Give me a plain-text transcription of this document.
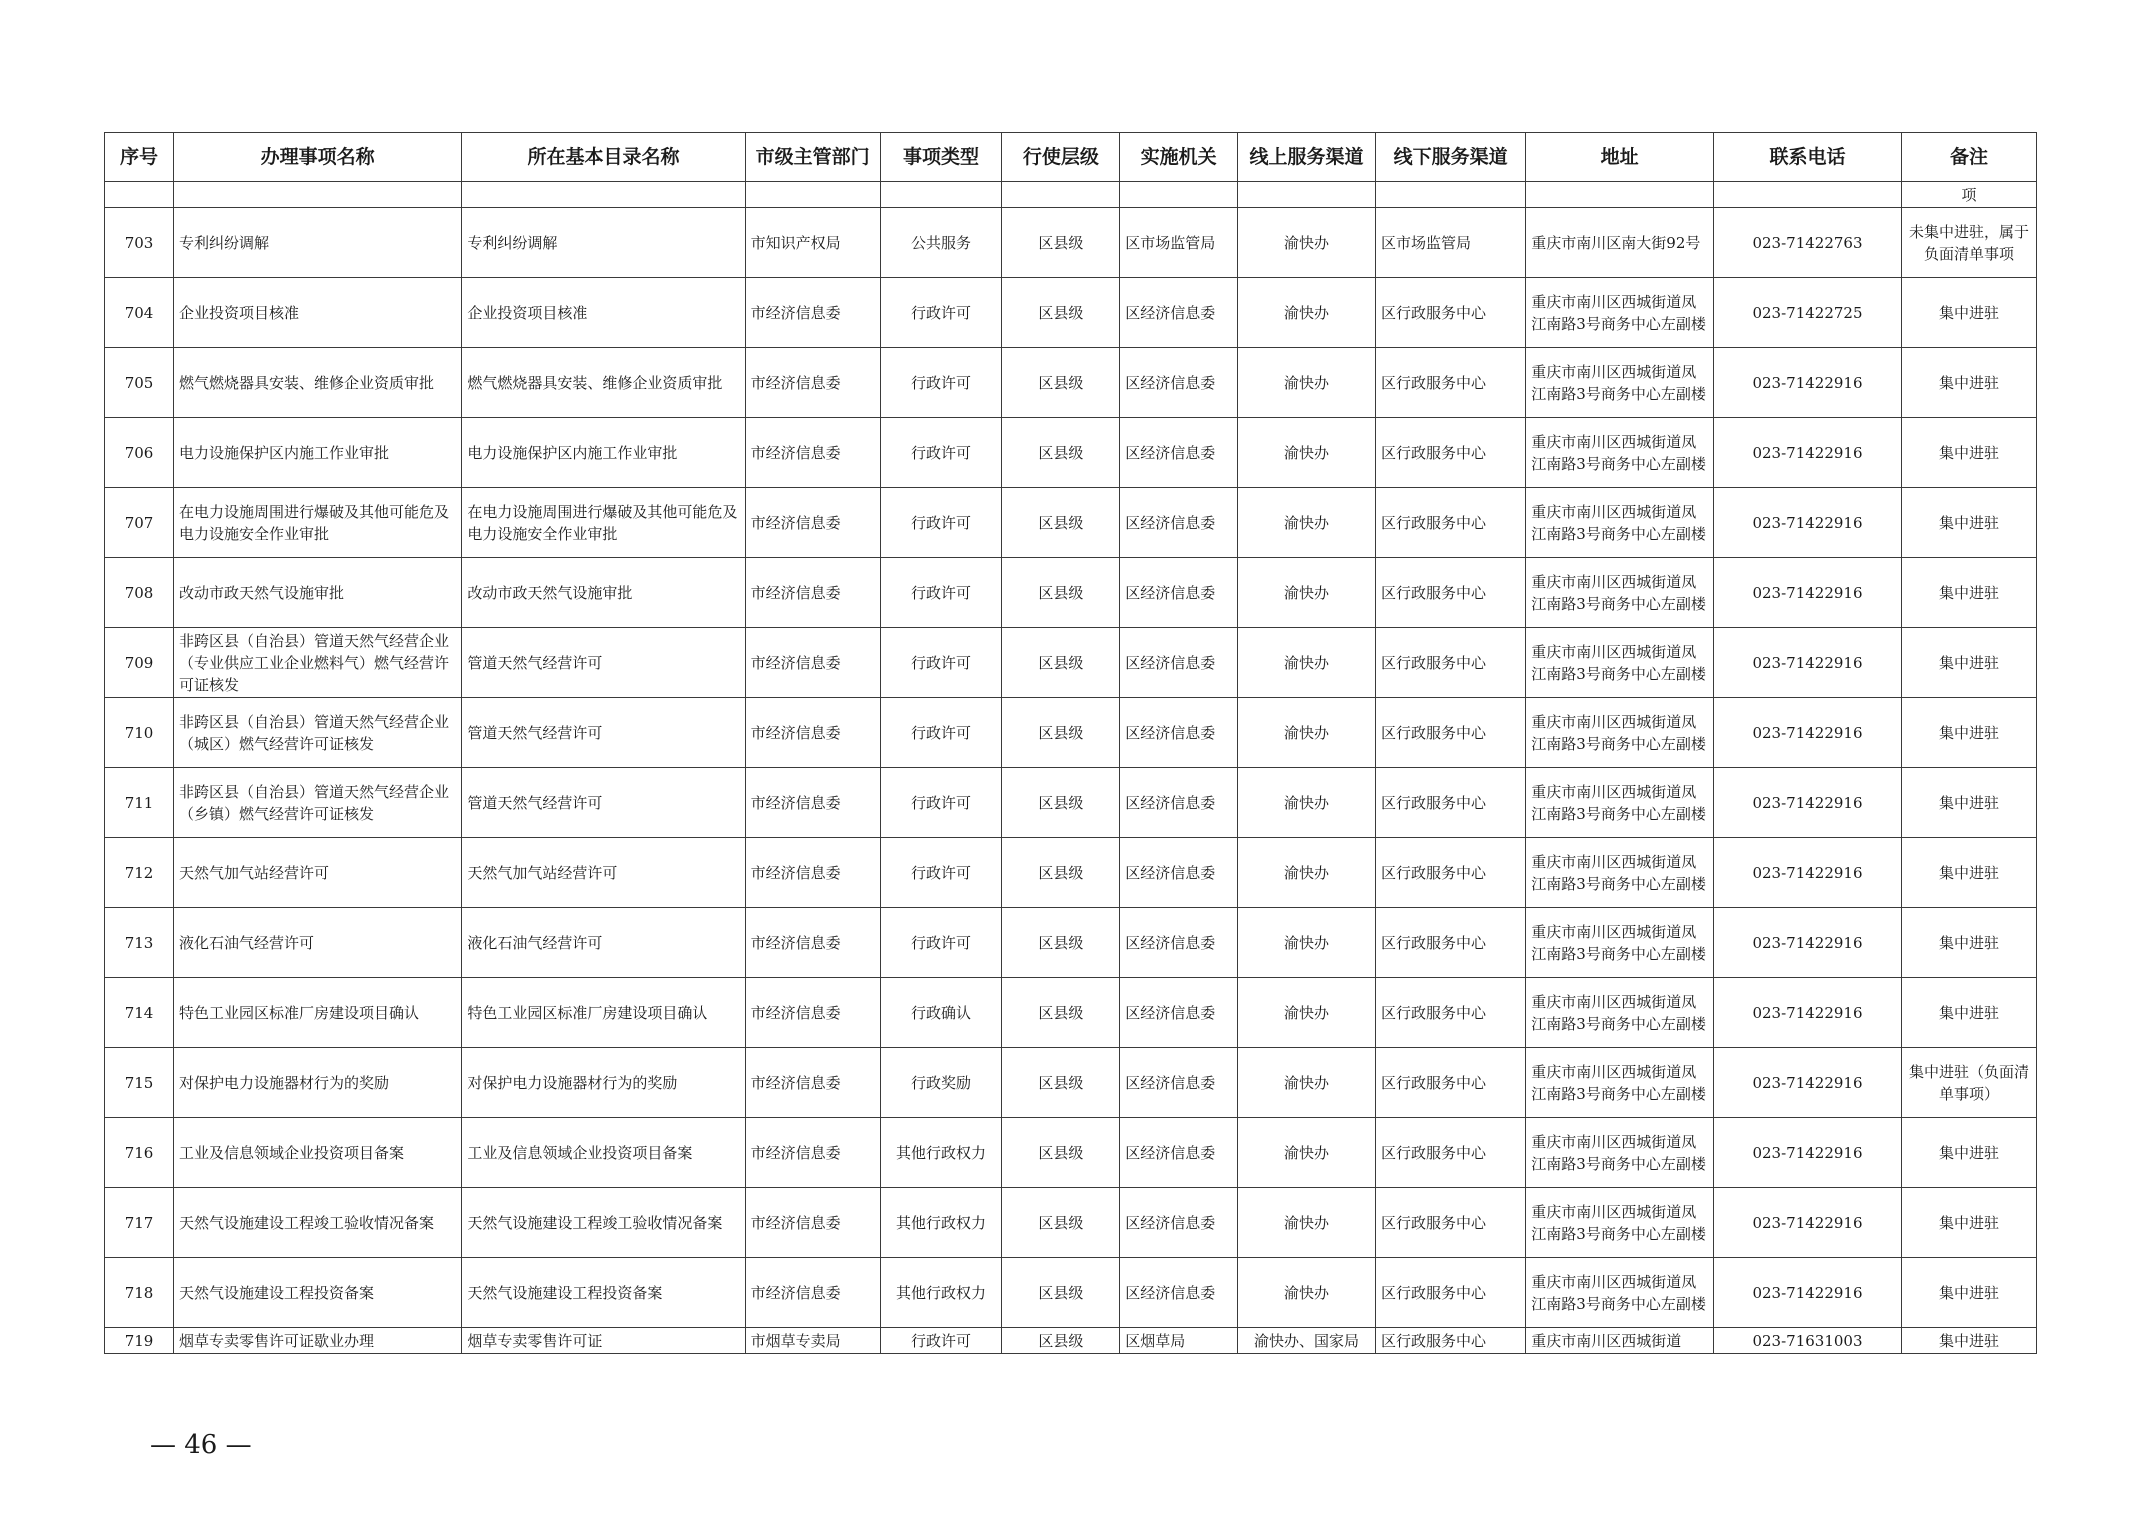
序号	办理事项名称	所在基本目录名称	市级主管部门	事项类型	行使层级	实施机关	线上服务渠道	线下服务渠道	地址	联系电话	备注
											项
703	专利纠纷调解	专利纠纷调解	市知识产权局	公共服务	区县级	区市场监管局	渝快办	区市场监管局	重庆市南川区南大街92号	023-71422763	未集中进驻，属于负面清单事项
704	企业投资项目核准	企业投资项目核准	市经济信息委	行政许可	区县级	区经济信息委	渝快办	区行政服务中心	重庆市南川区西城街道凤江南路3号商务中心左副楼	023-71422725	集中进驻
705	燃气燃烧器具安装、维修企业资质审批	燃气燃烧器具安装、维修企业资质审批	市经济信息委	行政许可	区县级	区经济信息委	渝快办	区行政服务中心	重庆市南川区西城街道凤江南路3号商务中心左副楼	023-71422916	集中进驻
706	电力设施保护区内施工作业审批	电力设施保护区内施工作业审批	市经济信息委	行政许可	区县级	区经济信息委	渝快办	区行政服务中心	重庆市南川区西城街道凤江南路3号商务中心左副楼	023-71422916	集中进驻
707	在电力设施周围进行爆破及其他可能危及电力设施安全作业审批	在电力设施周围进行爆破及其他可能危及电力设施安全作业审批	市经济信息委	行政许可	区县级	区经济信息委	渝快办	区行政服务中心	重庆市南川区西城街道凤江南路3号商务中心左副楼	023-71422916	集中进驻
708	改动市政天然气设施审批	改动市政天然气设施审批	市经济信息委	行政许可	区县级	区经济信息委	渝快办	区行政服务中心	重庆市南川区西城街道凤江南路3号商务中心左副楼	023-71422916	集中进驻
709	非跨区县（自治县）管道天然气经营企业（专业供应工业企业燃料气）燃气经营许可证核发	管道天然气经营许可	市经济信息委	行政许可	区县级	区经济信息委	渝快办	区行政服务中心	重庆市南川区西城街道凤江南路3号商务中心左副楼	023-71422916	集中进驻
710	非跨区县（自治县）管道天然气经营企业（城区）燃气经营许可证核发	管道天然气经营许可	市经济信息委	行政许可	区县级	区经济信息委	渝快办	区行政服务中心	重庆市南川区西城街道凤江南路3号商务中心左副楼	023-71422916	集中进驻
711	非跨区县（自治县）管道天然气经营企业（乡镇）燃气经营许可证核发	管道天然气经营许可	市经济信息委	行政许可	区县级	区经济信息委	渝快办	区行政服务中心	重庆市南川区西城街道凤江南路3号商务中心左副楼	023-71422916	集中进驻
712	天然气加气站经营许可	天然气加气站经营许可	市经济信息委	行政许可	区县级	区经济信息委	渝快办	区行政服务中心	重庆市南川区西城街道凤江南路3号商务中心左副楼	023-71422916	集中进驻
713	液化石油气经营许可	液化石油气经营许可	市经济信息委	行政许可	区县级	区经济信息委	渝快办	区行政服务中心	重庆市南川区西城街道凤江南路3号商务中心左副楼	023-71422916	集中进驻
714	特色工业园区标准厂房建设项目确认	特色工业园区标准厂房建设项目确认	市经济信息委	行政确认	区县级	区经济信息委	渝快办	区行政服务中心	重庆市南川区西城街道凤江南路3号商务中心左副楼	023-71422916	集中进驻
715	对保护电力设施器材行为的奖励	对保护电力设施器材行为的奖励	市经济信息委	行政奖励	区县级	区经济信息委	渝快办	区行政服务中心	重庆市南川区西城街道凤江南路3号商务中心左副楼	023-71422916	集中进驻（负面清单事项）
716	工业及信息领域企业投资项目备案	工业及信息领域企业投资项目备案	市经济信息委	其他行政权力	区县级	区经济信息委	渝快办	区行政服务中心	重庆市南川区西城街道凤江南路3号商务中心左副楼	023-71422916	集中进驻
717	天然气设施建设工程竣工验收情况备案	天然气设施建设工程竣工验收情况备案	市经济信息委	其他行政权力	区县级	区经济信息委	渝快办	区行政服务中心	重庆市南川区西城街道凤江南路3号商务中心左副楼	023-71422916	集中进驻
718	天然气设施建设工程投资备案	天然气设施建设工程投资备案	市经济信息委	其他行政权力	区县级	区经济信息委	渝快办	区行政服务中心	重庆市南川区西城街道凤江南路3号商务中心左副楼	023-71422916	集中进驻
719	烟草专卖零售许可证歇业办理	烟草专卖零售许可证	市烟草专卖局	行政许可	区县级	区烟草局	渝快办、国家局	区行政服务中心	重庆市南川区西城街道	023-71631003	集中进驻
— 46 —
